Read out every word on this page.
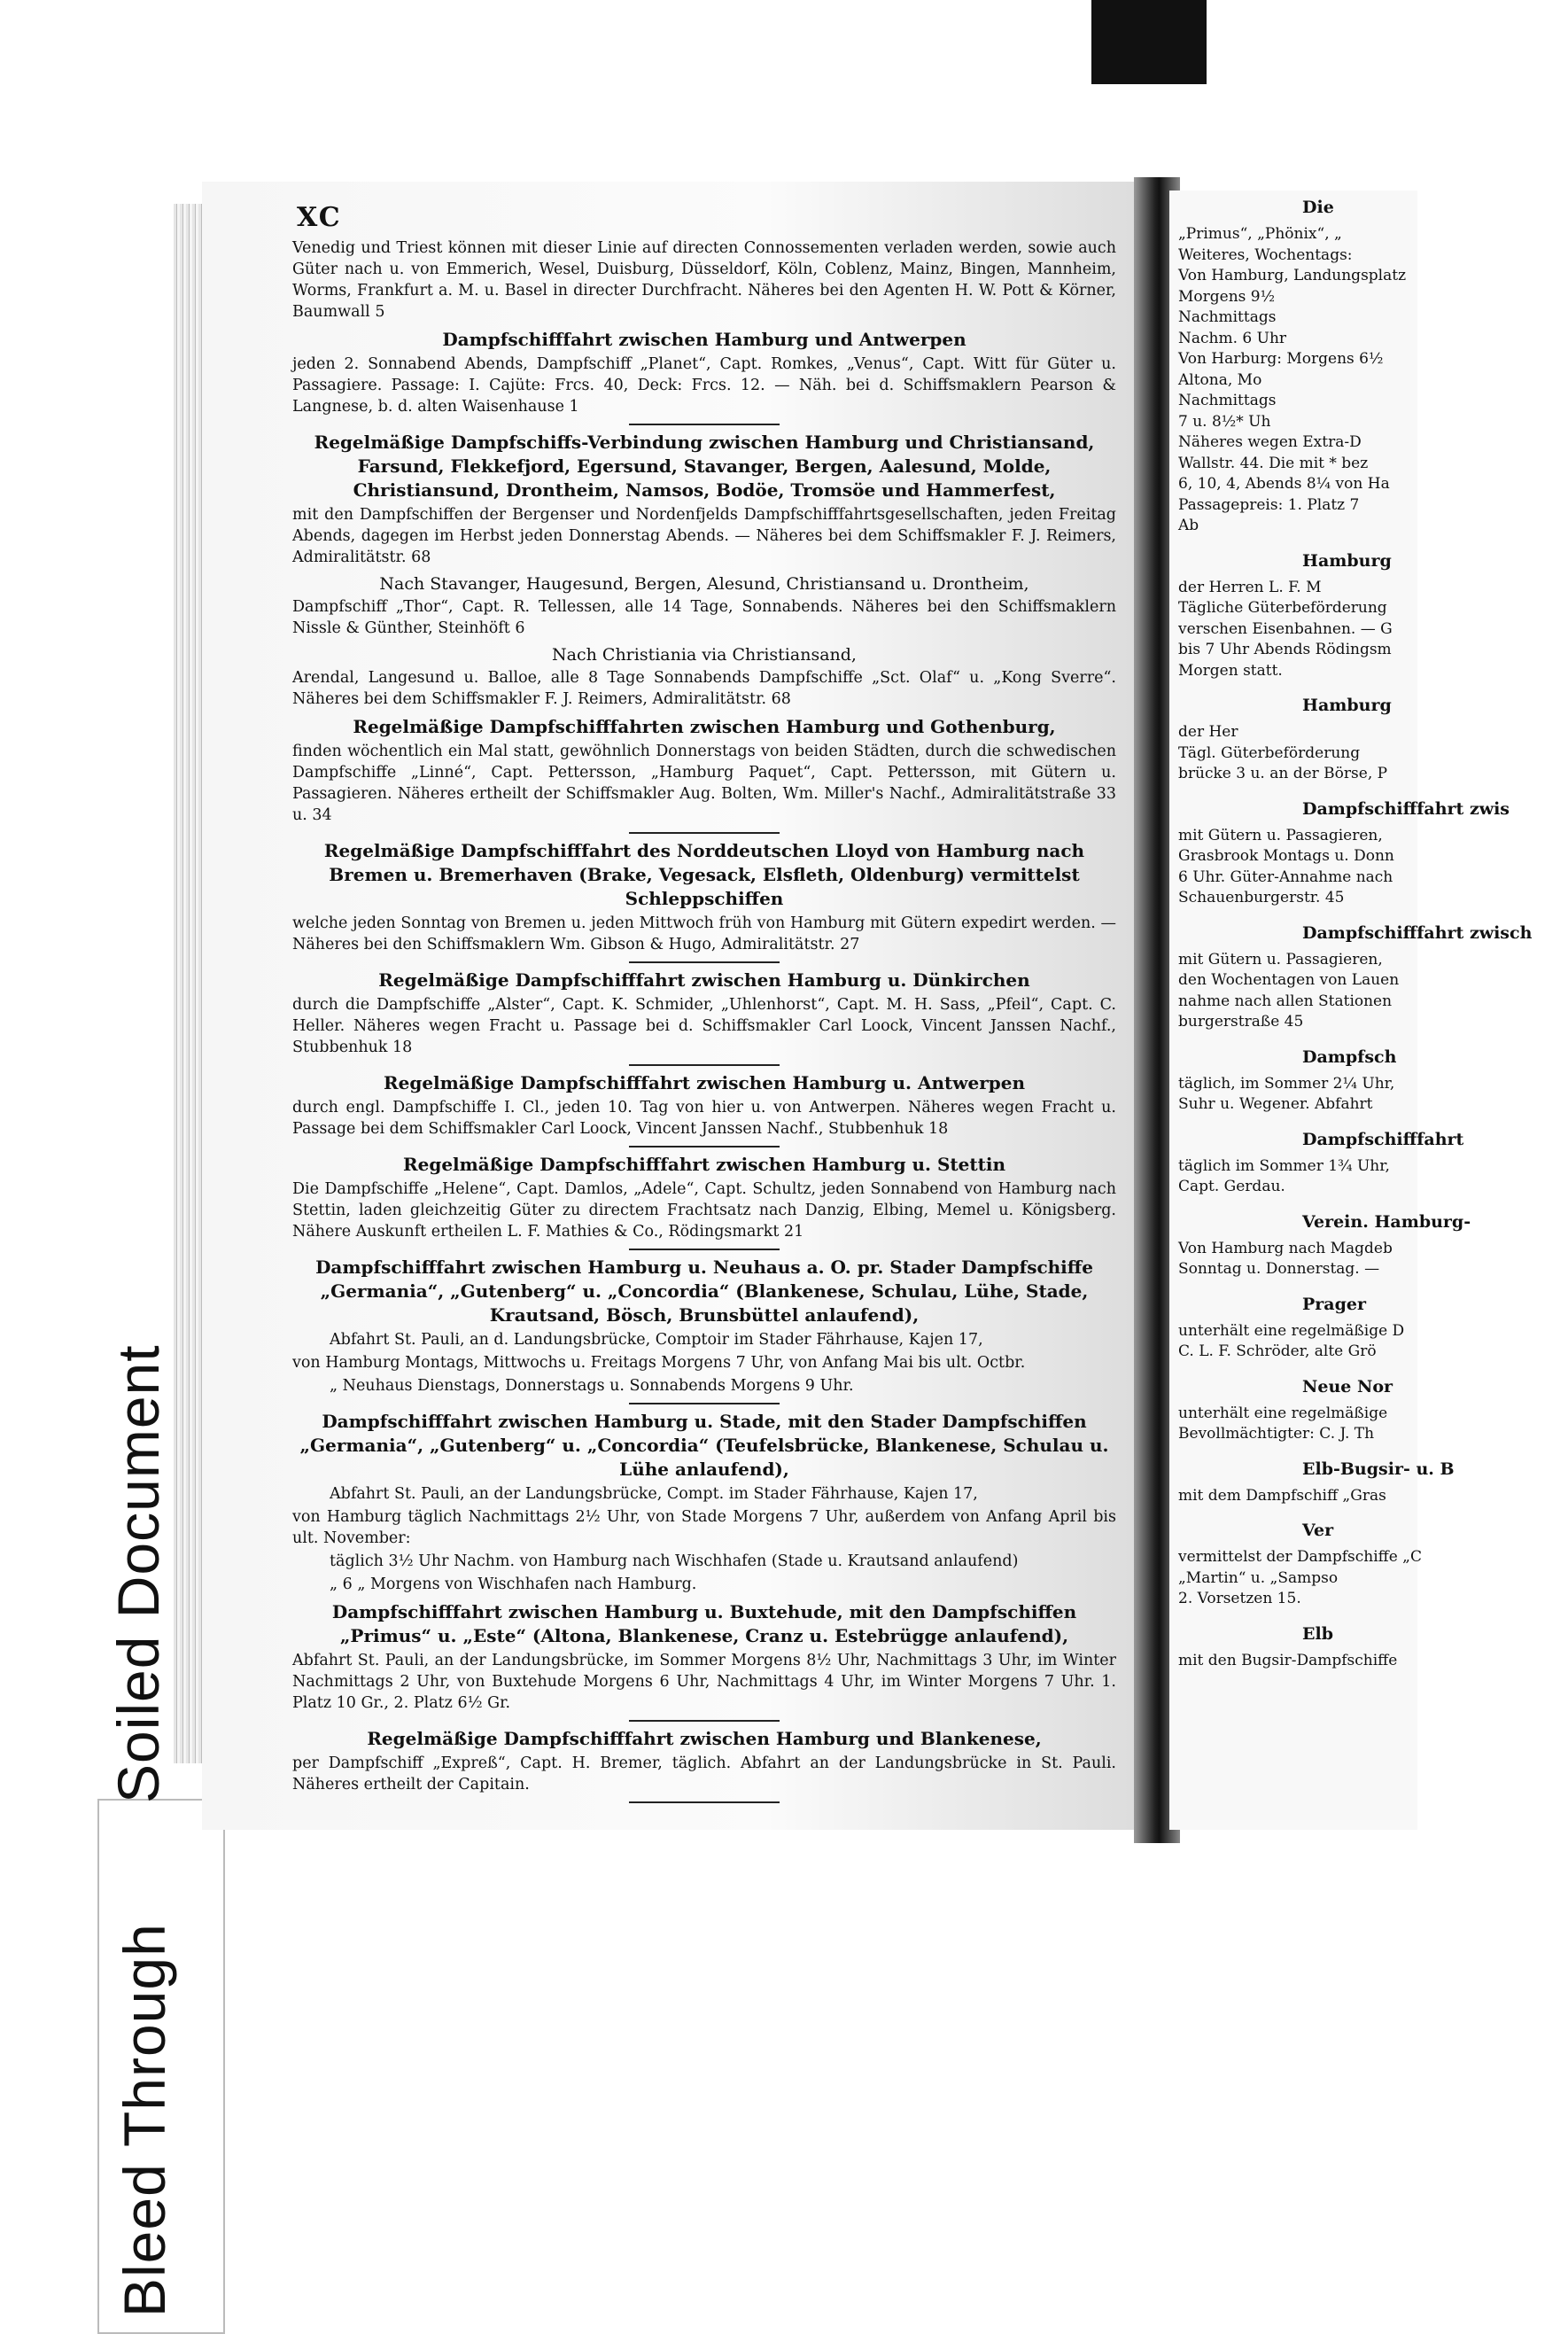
Soiled Document
Bleed Through
XC

Venedig und Triest können mit dieser Linie auf directen Connossementen verladen werden, sowie auch Güter nach u. von Emmerich, Wesel, Duisburg, Düsseldorf, Köln, Coblenz, Mainz, Bingen, Mannheim, Worms, Frankfurt a. M. u. Basel in directer Durchfracht. Näheres bei den Agenten H. W. Pott & Körner, Baumwall 5

Dampfschifffahrt zwischen Hamburg und Antwerpen

jeden 2. Sonnabend Abends, Dampfschiff „Planet“, Capt. Romkes, „Venus“, Capt. Witt für Güter u. Passagiere. Passage: I. Cajüte: Frcs. 40, Deck: Frcs. 12. — Näh. bei d. Schiffsmaklern Pearson & Langnese, b. d. alten Waisenhause 1

Regelmäßige Dampfschiffs-Verbindung zwischen Hamburg und Christiansand, Farsund, Flekkefjord, Egersund, Stavanger, Bergen, Aalesund, Molde, Christiansund, Drontheim, Namsos, Bodöe, Tromsöe und Hammerfest,

mit den Dampfschiffen der Bergenser und Nordenfjelds Dampfschifffahrtsgesellschaften, jeden Freitag Abends, dagegen im Herbst jeden Donnerstag Abends. — Näheres bei dem Schiffsmakler F. J. Reimers, Admiralitätstr. 68

Nach Stavanger, Haugesund, Bergen, Alesund, Christiansand u. Drontheim,

Dampfschiff „Thor“, Capt. R. Tellessen, alle 14 Tage, Sonnabends. Näheres bei den Schiffsmaklern Nissle & Günther, Steinhöft 6

Nach Christiania via Christiansand,

Arendal, Langesund u. Balloe, alle 8 Tage Sonnabends Dampfschiffe „Sct. Olaf“ u. „Kong Sverre“. Näheres bei dem Schiffsmakler F. J. Reimers, Admiralitätstr. 68

Regelmäßige Dampfschifffahrten zwischen Hamburg und Gothenburg,

finden wöchentlich ein Mal statt, gewöhnlich Donnerstags von beiden Städten, durch die schwedischen Dampfschiffe „Linné“, Capt. Pettersson, „Hamburg Paquet“, Capt. Pettersson, mit Gütern u. Passagieren. Näheres ertheilt der Schiffsmakler Aug. Bolten, Wm. Miller's Nachf., Admiralitätstraße 33 u. 34

Regelmäßige Dampfschifffahrt des Norddeutschen Lloyd von Hamburg nach Bremen u. Bremerhaven (Brake, Vegesack, Elsfleth, Oldenburg) vermittelst Schleppschiffen

welche jeden Sonntag von Bremen u. jeden Mittwoch früh von Hamburg mit Gütern expedirt werden. — Näheres bei den Schiffsmaklern Wm. Gibson & Hugo, Admiralitätstr. 27

Regelmäßige Dampfschifffahrt zwischen Hamburg u. Dünkirchen

durch die Dampfschiffe „Alster“, Capt. K. Schmider, „Uhlenhorst“, Capt. M. H. Sass, „Pfeil“, Capt. C. Heller. Näheres wegen Fracht u. Passage bei d. Schiffsmakler Carl Loock, Vincent Janssen Nachf., Stubbenhuk 18

Regelmäßige Dampfschifffahrt zwischen Hamburg u. Antwerpen

durch engl. Dampfschiffe I. Cl., jeden 10. Tag von hier u. von Antwerpen. Näheres wegen Fracht u. Passage bei dem Schiffsmakler Carl Loock, Vincent Janssen Nachf., Stubbenhuk 18

Regelmäßige Dampfschifffahrt zwischen Hamburg u. Stettin

Die Dampfschiffe „Helene“, Capt. Damlos, „Adele“, Capt. Schultz, jeden Sonnabend von Hamburg nach Stettin, laden gleichzeitig Güter zu directem Frachtsatz nach Danzig, Elbing, Memel u. Königsberg. Nähere Auskunft ertheilen L. F. Mathies & Co., Rödingsmarkt 21

Dampfschifffahrt zwischen Hamburg u. Neuhaus a. O. pr. Stader Dampfschiffe „Germania“, „Gutenberg“ u. „Concordia“ (Blankenese, Schulau, Lühe, Stade, Krautsand, Bösch, Brunsbüttel anlaufend),

Abfahrt St. Pauli, an d. Landungsbrücke, Comptoir im Stader Fährhause, Kajen 17,

von Hamburg Montags, Mittwochs u. Freitags Morgens 7 Uhr, von Anfang Mai bis ult. Octbr.

„ Neuhaus Dienstags, Donnerstags u. Sonnabends Morgens 9 Uhr.

Dampfschifffahrt zwischen Hamburg u. Stade, mit den Stader Dampfschiffen „Germania“, „Gutenberg“ u. „Concordia“ (Teufelsbrücke, Blankenese, Schulau u. Lühe anlaufend),

Abfahrt St. Pauli, an der Landungsbrücke, Compt. im Stader Fährhause, Kajen 17,

von Hamburg täglich Nachmittags 2½ Uhr, von Stade Morgens 7 Uhr, außerdem von Anfang April bis ult. November:

täglich 3½ Uhr Nachm. von Hamburg nach Wischhafen (Stade u. Krautsand anlaufend)

„ 6 „ Morgens von Wischhafen nach Hamburg.

Dampfschifffahrt zwischen Hamburg u. Buxtehude, mit den Dampfschiffen „Primus“ u. „Este“ (Altona, Blankenese, Cranz u. Estebrügge anlaufend),

Abfahrt St. Pauli, an der Landungsbrücke, im Sommer Morgens 8½ Uhr, Nachmittags 3 Uhr, im Winter Nachmittags 2 Uhr, von Buxtehude Morgens 6 Uhr, Nachmittags 4 Uhr, im Winter Morgens 7 Uhr. 1. Platz 10 Gr., 2. Platz 6½ Gr.

Regelmäßige Dampfschifffahrt zwischen Hamburg und Blankenese,

per Dampfschiff „Expreß“, Capt. H. Bremer, täglich. Abfahrt an der Landungsbrücke in St. Pauli. Näheres ertheilt der Capitain.

Die
„Primus“, „Phönix“, „
Weiteres, Wochentags:
Von Hamburg, Landungsplatz
Morgens 9½
Nachmittags
Nachm. 6 Uhr
Von Harburg: Morgens 6½
Altona, Mo
Nachmittags
7 u. 8½* Uh
Näheres wegen Extra-D
Wallstr. 44. Die mit * bez
6, 10, 4, Abends 8¼ von Ha
Passagepreis: 1. Platz 7
Ab
Hamburg
der Herren L. F. M
Tägliche Güterbeförderung
verschen Eisenbahnen. — G
bis 7 Uhr Abends Rödingsm
Morgen statt.
Hamburg
der Her
Tägl. Güterbeförderung
brücke 3 u. an der Börse, P
Dampfschifffahrt zwis
mit Gütern u. Passagieren,
Grasbrook Montags u. Donn
6 Uhr. Güter-Annahme nach
Schauenburgerstr. 45
Dampfschifffahrt zwisch
mit Gütern u. Passagieren,
den Wochentagen von Lauen
nahme nach allen Stationen
burgerstraße 45
Dampfsch
täglich, im Sommer 2¼ Uhr,
Suhr u. Wegener. Abfahrt
Dampfschifffahrt
täglich im Sommer 1¾ Uhr,
Capt. Gerdau.
Verein. Hamburg-
Von Hamburg nach Magdeb
Sonntag u. Donnerstag. —
Prager
unterhält eine regelmäßige D
C. L. F. Schröder, alte Grö
Neue Nor
unterhält eine regelmäßige
Bevollmächtigter: C. J. Th
Elb-Bugsir- u. B
mit dem Dampfschiff „Gras
Ver
vermittelst der Dampfschiffe „C
„Martin“ u. „Sampso
2. Vorsetzen 15.
Elb
mit den Bugsir-Dampfschiffe
